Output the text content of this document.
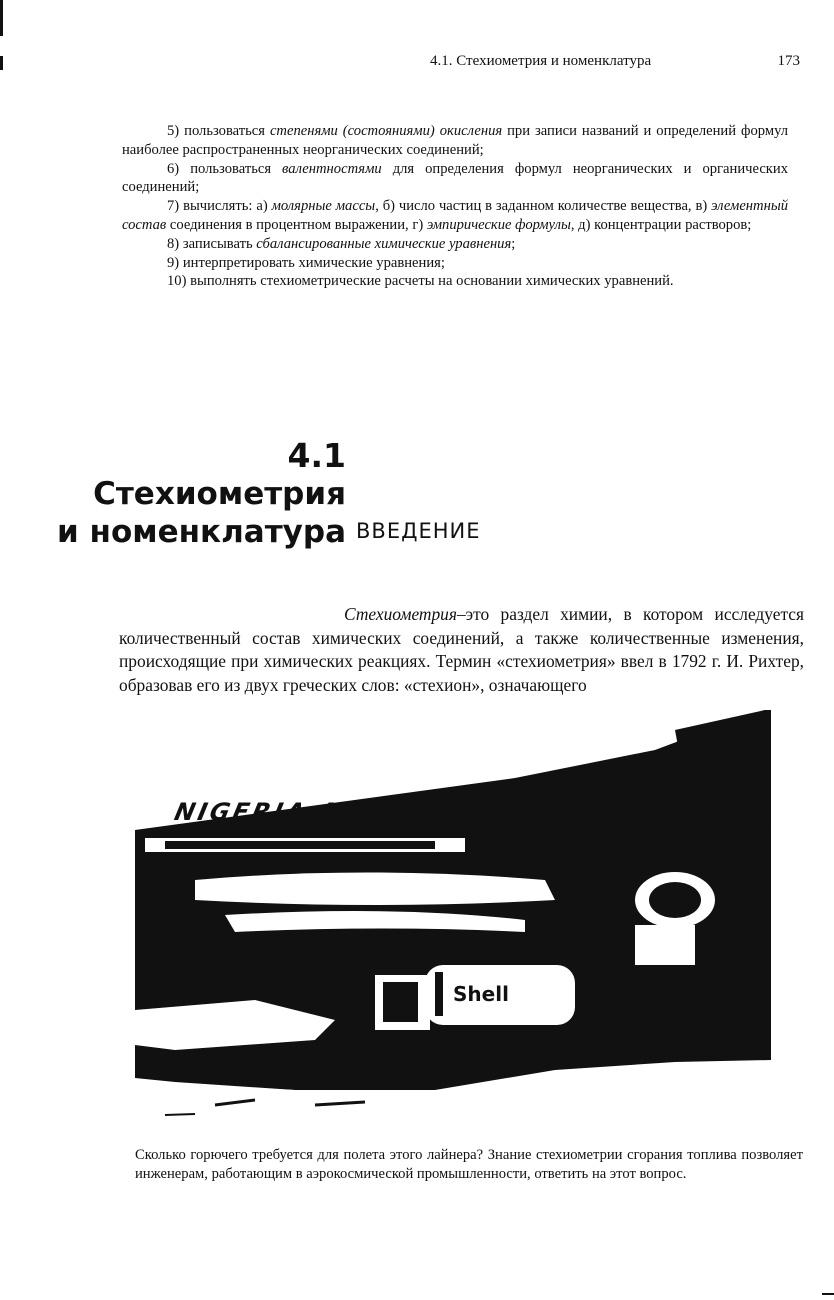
4.1. Стехиометрия и номенклатура	173

5) пользоваться степенями (состояниями) окисления при записи названий и определений формул наиболее распространенных неорганических соединений;

6) пользоваться валентностями для определения формул неорганических и органических соединений;

7) вычислять: а) молярные массы, б) число частиц в заданном количестве вещества, в) элементный состав соединения в процентном выражении, г) эмпирические формулы, д) концентрации растворов;

8) записывать сбалансированные химические уравнения;

9) интерпретировать химические уравнения;

10) выполнять стехиометрические расчеты на основании химических уравнений.

4.1
Стехиометрия
и номенклатура ВВЕДЕНИЕ

Стехиометрия–это раздел химии, в котором исследуется количественный состав химических соединений, а также количественные изменения, происходящие при химических реакциях. Термин «стехиометрия» ввел в 1792 г. И. Рихтер, образовав его из двух греческих слов: «стехион», означающего

NIGERIA AIRWAYS
Shell

Сколько горючего требуется для полета этого лайнера? Знание стехиометрии сгорания топлива позволяет инженерам, работающим в аэрокосмической промышленности, ответить на этот вопрос.
